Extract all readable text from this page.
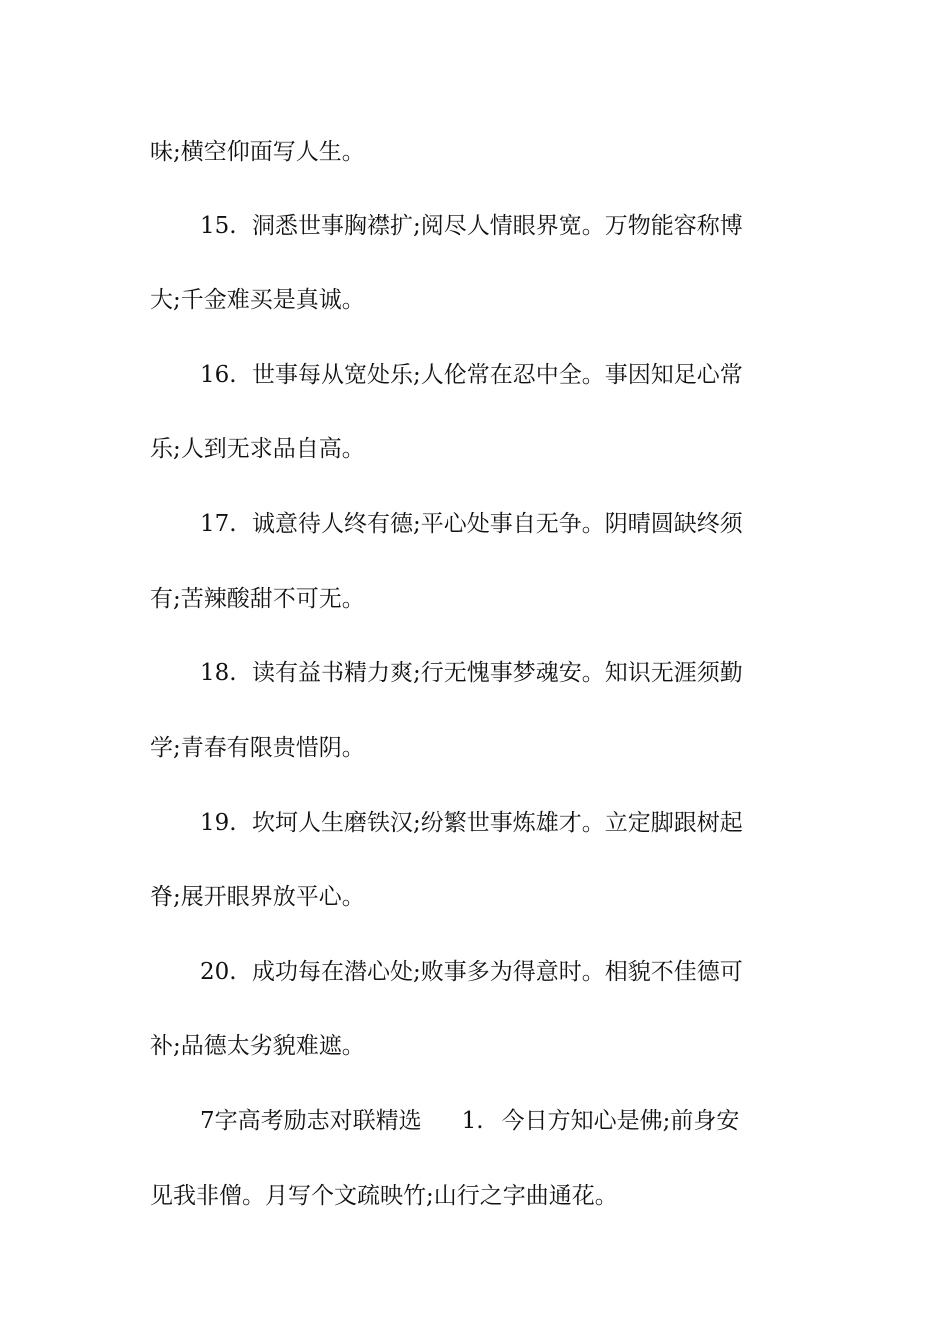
味;横空仰面写人生。
15. 洞悉世事胸襟扩;阅尽人情眼界宽。万物能容称博
大;千金难买是真诚。
16. 世事每从宽处乐;人伦常在忍中全。事因知足心常
乐;人到无求品自高。
17. 诚意待人终有德;平心处事自无争。阴晴圆缺终须
有;苦辣酸甜不可无。
18. 读有益书精力爽;行无愧事梦魂安。知识无涯须勤
学;青春有限贵惜阴。
19. 坎坷人生磨铁汉;纷繁世事炼雄才。立定脚跟树起
脊;展开眼界放平心。
20. 成功每在潜心处;败事多为得意时。相貌不佳德可
补;品德太劣貌难遮。
7字高考励志对联精选 1. 今日方知心是佛;前身安
见我非僧。月写个文疏映竹;山行之字曲通花。
